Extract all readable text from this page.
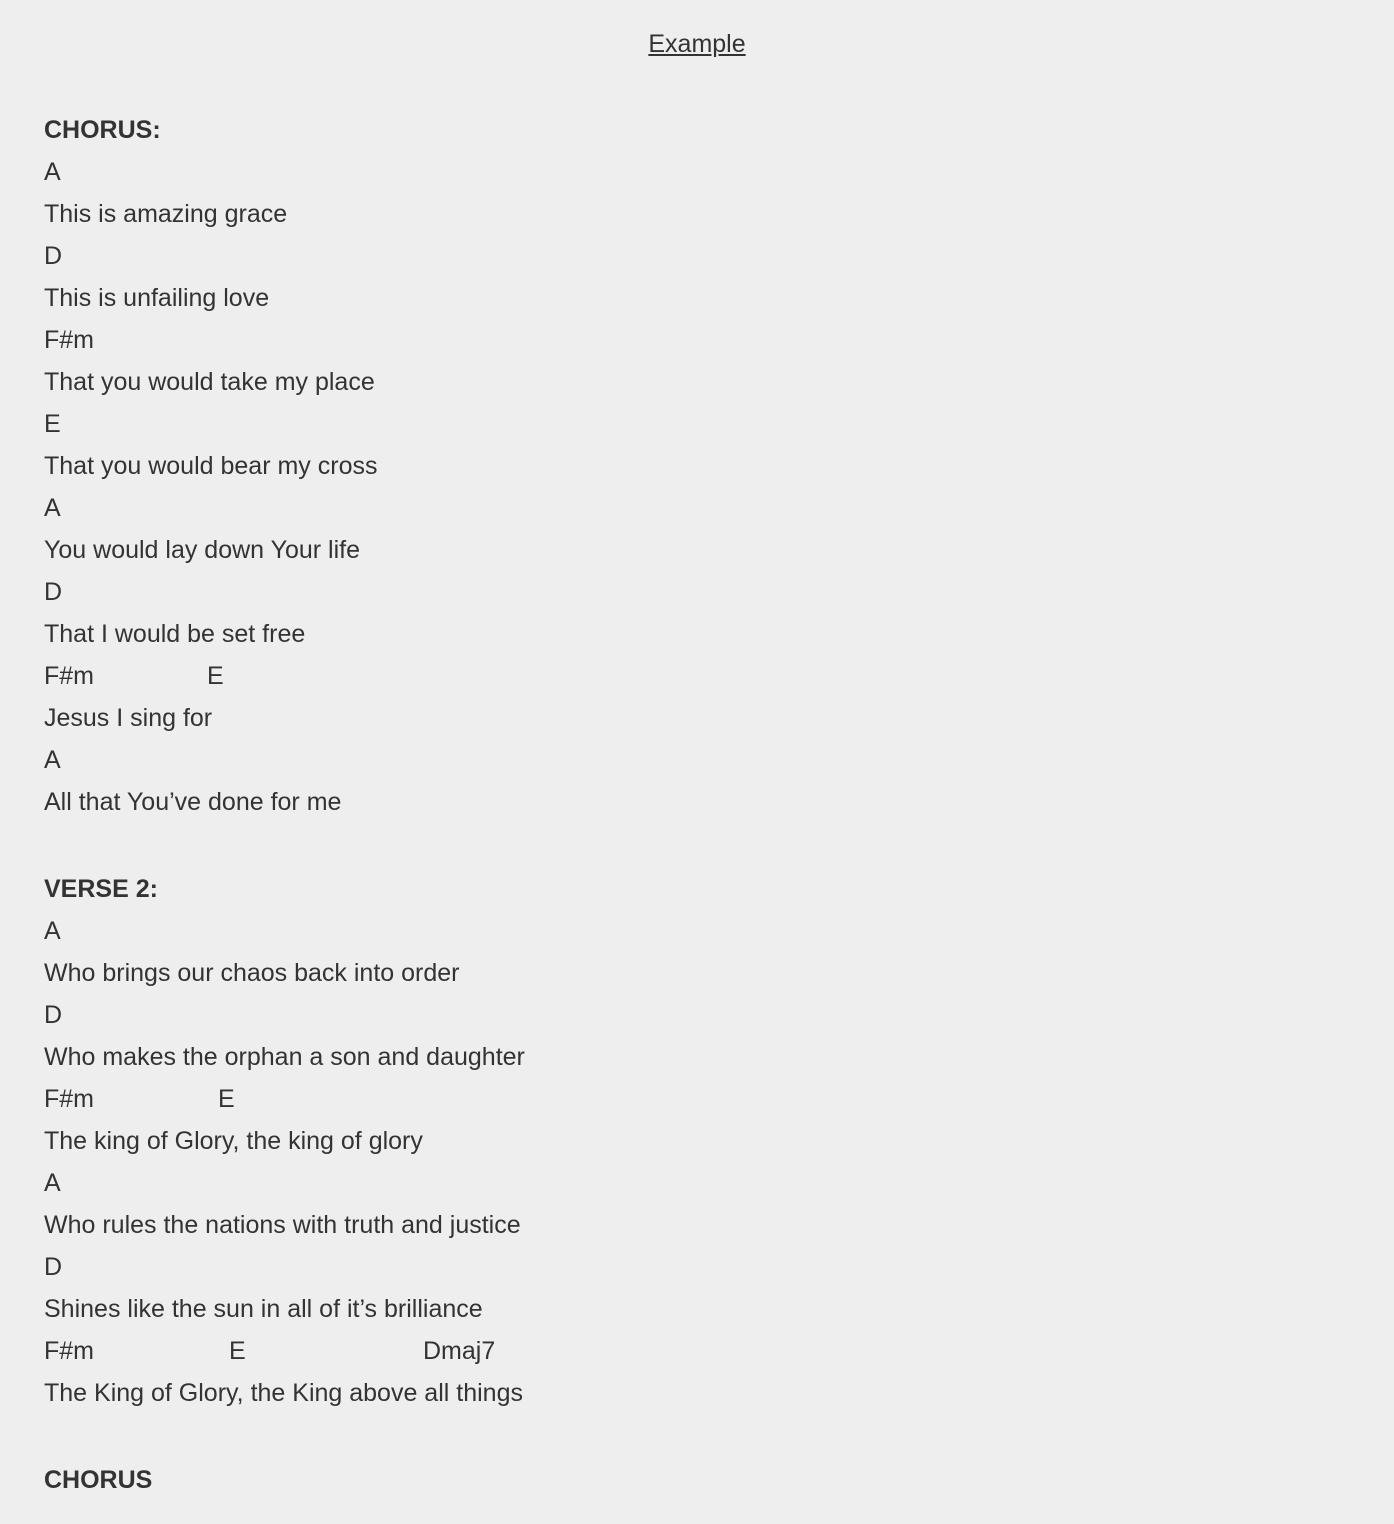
Example
CHORUS:
A
This is amazing grace
D
This is unfailing love
F#m
That you would take my place
E
That you would bear my cross
A
You would lay down Your life
D
That I would be set free
F#m	E
Jesus I sing for
A
All that You’ve done for me
VERSE 2:
A
Who brings our chaos back into order
D
Who makes the orphan a son and daughter
F#m	E
The king of Glory, the king of glory
A
Who rules the nations with truth and justice
D
Shines like the sun in all of it’s brilliance
F#m	E	Dmaj7
The King of Glory, the King above all things
CHORUS
